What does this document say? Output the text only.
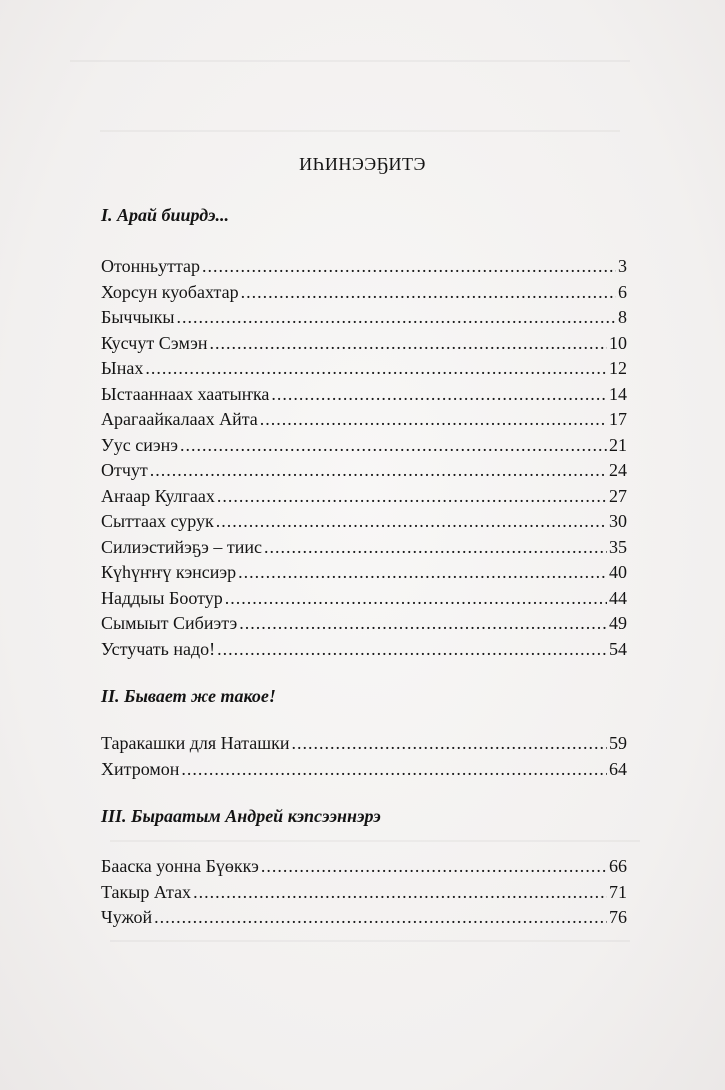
ИҺИНЭЭҔИТЭ
I. Арай биирдэ...
Отонньуттар .....	3
Хорсун куобахтар .....	6
Быччыкы .....	8
Кусчут Сэмэн .....	10
Ынах .....	12
Ыстааннаах хаатыҥка .....	14
Арагаайкалаах Айта .....	17
Уус сиэнэ .....	21
Отчут .....	24
Аҥаар Кулгаах .....	27
Сыттаах сурук .....	30
Силиэстийэҕэ – тиис .....	35
Күһүҥҥү кэнсиэр .....	40
Наддыы Боотур .....	44
Сымыыт Сибиэтэ .....	49
Устучать надо! .....	54
II. Бывает же такое!
Таракашки для Наташки .....	59
Хитромон .....	64
III. Быраатым Андрей кэпсээннэрэ
Бааска уонна Бүөккэ .....	66
Такыр Атах .....	71
Чужой .....	76
